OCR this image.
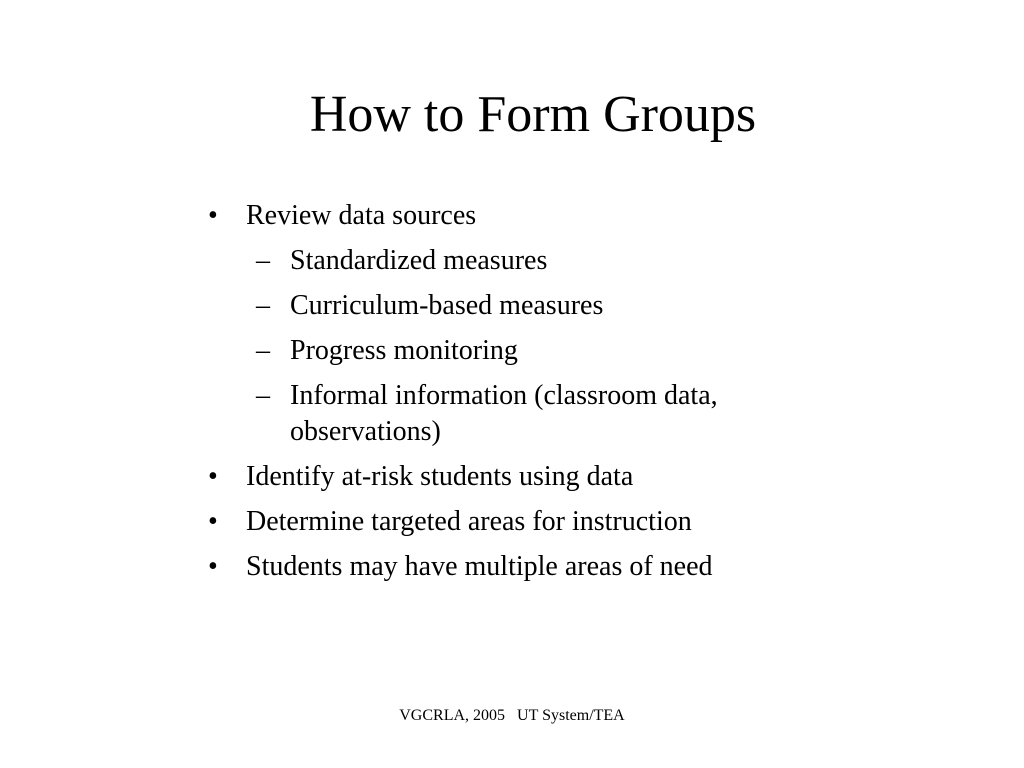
How to Form Groups
• Review data sources
– Standardized measures
– Curriculum-based measures
– Progress monitoring
– Informal information (classroom data, observations)
• Identify at-risk students using data
• Determine targeted areas for instruction
• Students may have multiple areas of need
VGCRLA, 2005   UT System/TEA
